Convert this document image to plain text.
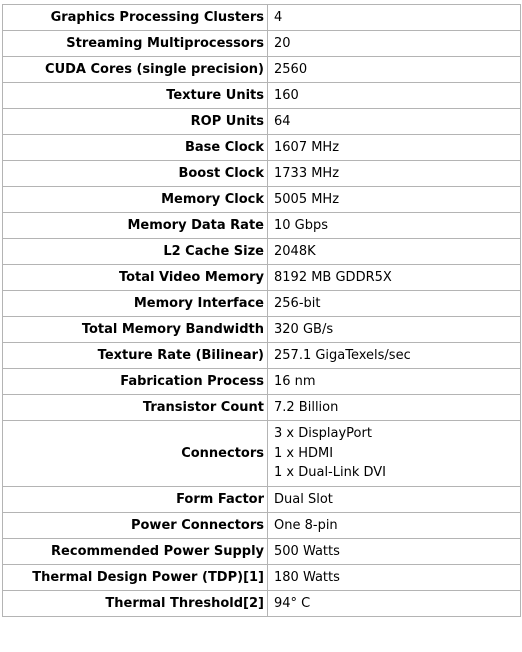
Graphics Processing Clusters	4
Streaming Multiprocessors	20
CUDA Cores (single precision)	2560
Texture Units	160
ROP Units	64
Base Clock	1607 MHz
Boost Clock	1733 MHz
Memory Clock	5005 MHz
Memory Data Rate	10 Gbps
L2 Cache Size	2048K
Total Video Memory	8192 MB GDDR5X
Memory Interface	256-bit
Total Memory Bandwidth	320 GB/s
Texture Rate (Bilinear)	257.1 GigaTexels/sec
Fabrication Process	16 nm
Transistor Count	7.2 Billion
Connectors	3 x DisplayPort
1 x HDMI
1 x Dual-Link DVI

Form Factor	Dual Slot
Power Connectors	One 8-pin
Recommended Power Supply	500 Watts
Thermal Design Power (TDP)[1]	180 Watts
Thermal Threshold[2]	94° C
